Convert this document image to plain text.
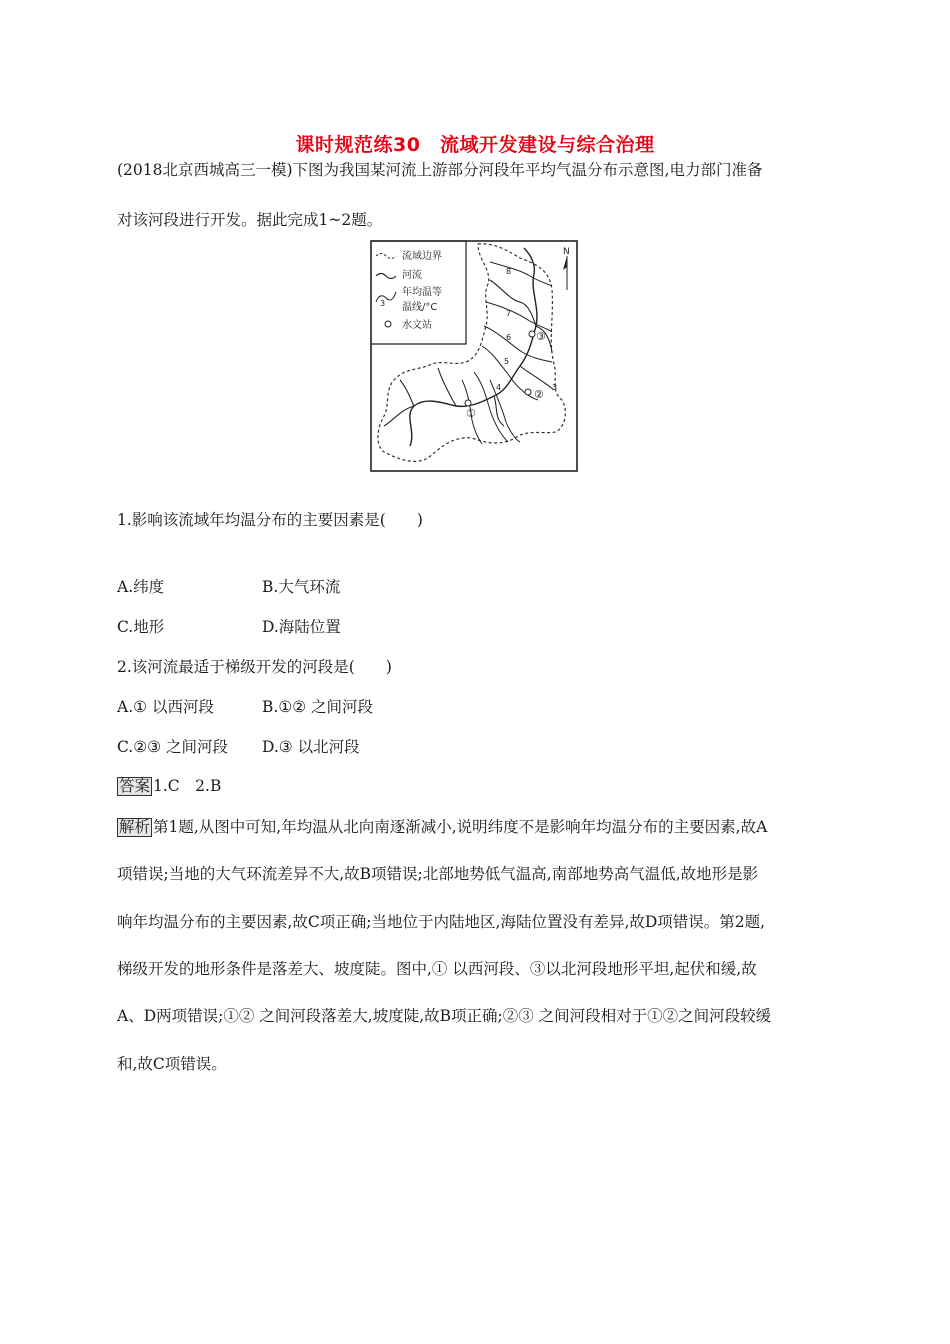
课时规范练30　流域开发建设与综合治理
(2018北京西城高三一模)下图为我国某河流上游部分河段年平均气温分布示意图,电力部门准备
对该河段进行开发。据此完成1~2题。
流域边界
河流
3
年均温等
温线/°C
水文站
N
8
7
6
5
4	3
①
②
③
1.影响该流域年均温分布的主要因素是(　　)
A.纬度	B.大气环流
C.地形	D.海陆位置
2.该河流最适于梯级开发的河段是(　　)
A.① 以西河段	B.①② 之间河段
C.②③ 之间河段 D.③ 以北河段
答案 1.C　2.B
解析 第1题,从图中可知,年均温从北向南逐渐减小,说明纬度不是影响年均温分布的主要因素,故A
项错误;当地的大气环流差异不大,故B项错误;北部地势低气温高,南部地势高气温低,故地形是影
响年均温分布的主要因素,故C项正确;当地位于内陆地区,海陆位置没有差异,故D项错误。第2题,
梯级开发的地形条件是落差大、坡度陡。图中,① 以西河段、③以北河段地形平坦,起伏和缓,故
A、D两项错误;①② 之间河段落差大,坡度陡,故B项正确;②③ 之间河段相对于①②之间河段较缓
和,故C项错误。
